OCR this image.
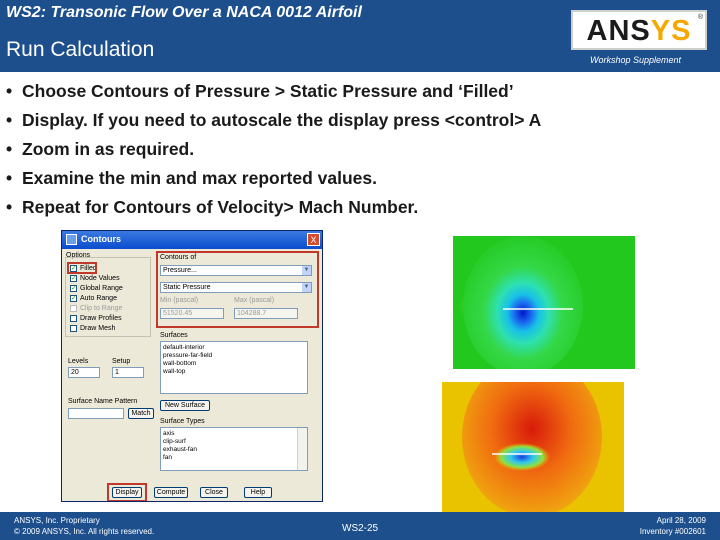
WS2: Transonic Flow Over a NACA 0012 Airfoil
Run Calculation
ANSYS ®
Workshop Supplement
• Choose Contours of Pressure > Static Pressure and ‘Filled’
• Display. If you need to autoscale the display press <control> A
• Zoom in as required.
• Examine the min and max reported values.
• Repeat for Contours of Velocity> Mach Number.
Contours	X
Options
✓ Filled
✓ Node Values
✓ Global Range
✓ Auto Range
Clip to Range
Draw Profiles
Draw Mesh
Contours of
Pressure...	▼
Static Pressure	▼
Min (pascal)	Max (pascal)
51520.45	104288.7
Surfaces
default-interior
pressure-far-field
wall-bottom
wall-top
Levels
20
Setup
1
Surface Name Pattern
Match
New Surface
Surface Types
axis
clip-surf
exhaust-fan
fan
Display	Compute	Close	Help
ANSYS, Inc. Proprietary
© 2009 ANSYS, Inc. All rights reserved.	WS2-25
April 28, 2009
Inventory #002601
